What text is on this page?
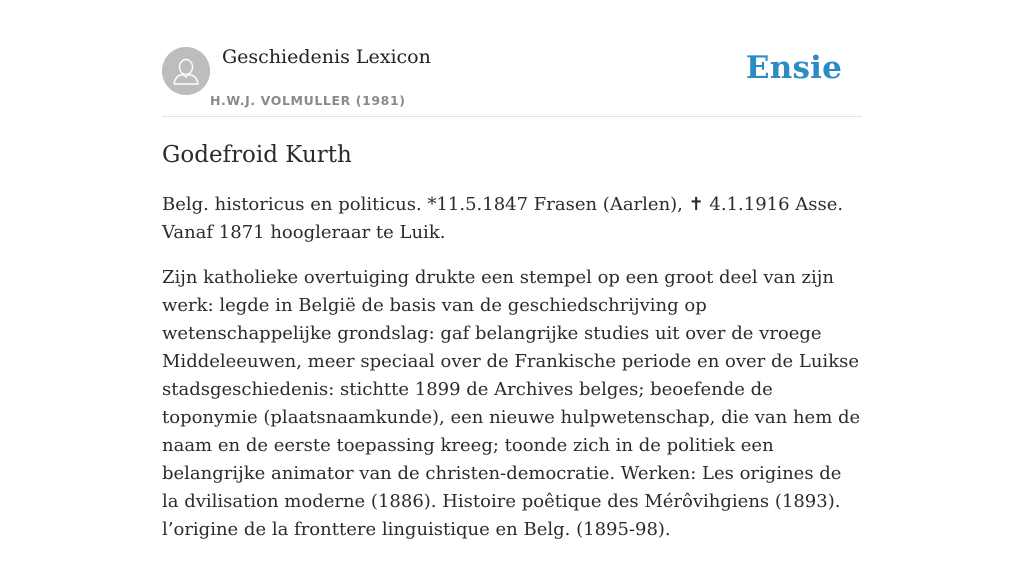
Geschiedenis Lexicon
H.W.J. VOLMULLER (1981)
Ensie
Godefroid Kurth

Belg. historicus en politicus. *11.5.1847 Frasen (Aarlen), ✝ 4.1.1916 Asse. Vanaf 1871 hoogleraar te Luik.

Zijn katholieke overtuiging drukte een stempel op een groot deel van zijn werk: legde in België de basis van de geschiedschrijving op wetenschappelijke grondslag: gaf belangrijke studies uit over de vroege Middeleeuwen, meer speciaal over de Frankische periode en over de Luikse stadsgeschiedenis: stichtte 1899 de Archives belges; beoefende de toponymie (plaatsnaamkunde), een nieuwe hulpwetenschap, die van hem de naam en de eerste toepassing kreeg; toonde zich in de politiek een belangrijke animator van de christen-democratie. Werken: Les origines de la dvilisation moderne (1886). Histoire poêtique des Mérôvihgiens (1893). l’origine de la fronttere linguistique en Belg. (1895-98).
